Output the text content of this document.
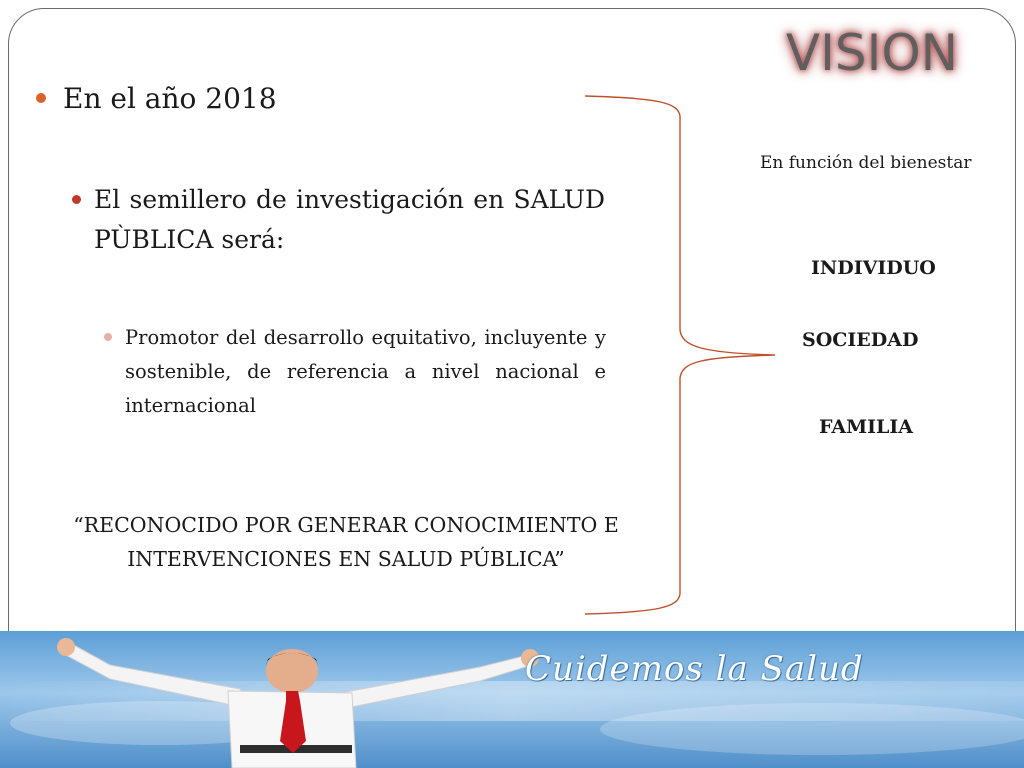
VISION
En el año 2018
El semillero de investigación en SALUD PÙBLICA será:
Promotor del desarrollo equitativo, incluyente y sostenible, de referencia a nivel nacional e internacional
“RECONOCIDO POR GENERAR CONOCIMIENTO E INTERVENCIONES EN SALUD PÚBLICA”
En función del bienestar
INDIVIDUO
SOCIEDAD
FAMILIA
Cuidemos la Salud
